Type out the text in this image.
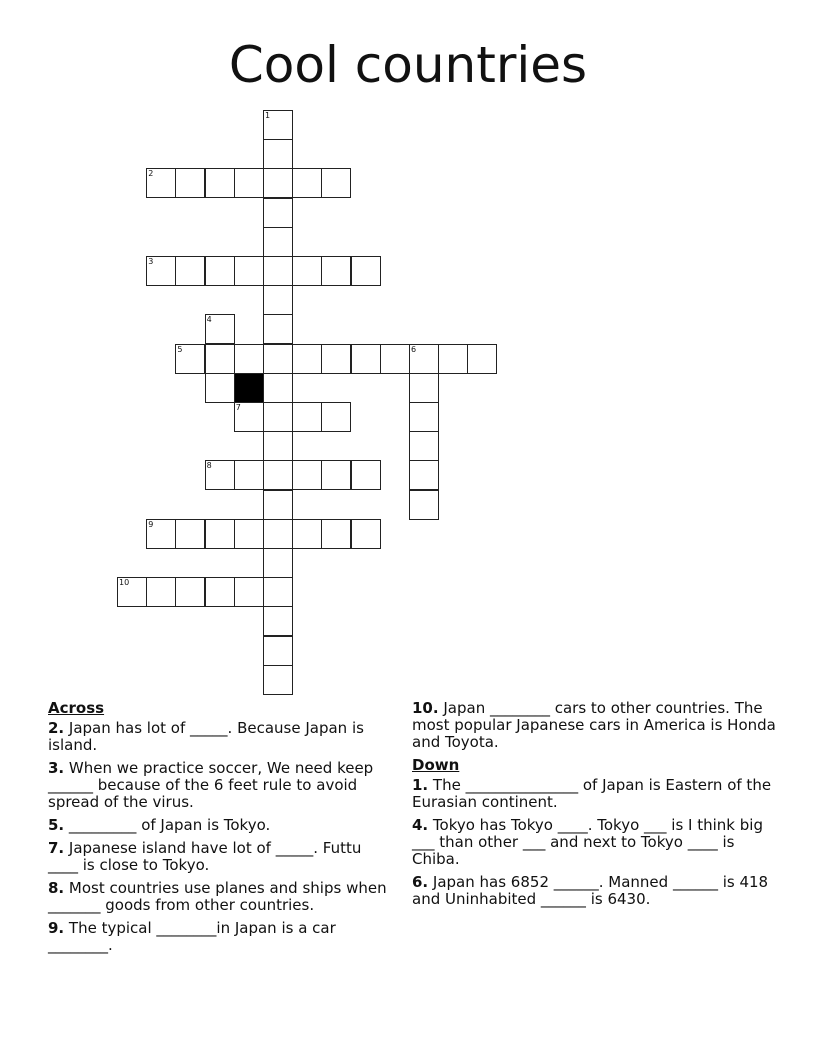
Cool countries
1
2
3
4
5	6
7
8
9
10
Across
2. Japan has lot of _____. Because Japan is island.
3. When we practice soccer, We need keep ______ because of the 6 feet rule to avoid spread of the virus.
5. _________ of Japan is Tokyo.
7. Japanese island have lot of _____. Futtu ____ is close to Tokyo.
8. Most countries use planes and ships when _______ goods from other countries.
9. The typical ________in Japan is a car ________.
10. Japan ________ cars to other countries. The most popular Japanese cars in America is Honda and Toyota.
Down
1. The _______________ of Japan is Eastern of the Eurasian continent.
4. Tokyo has Tokyo ____. Tokyo ___ is I think big ___ than other ___ and next to Tokyo ____ is Chiba.
6. Japan has 6852 ______. Manned ______ is 418 and Uninhabited ______ is 6430.
